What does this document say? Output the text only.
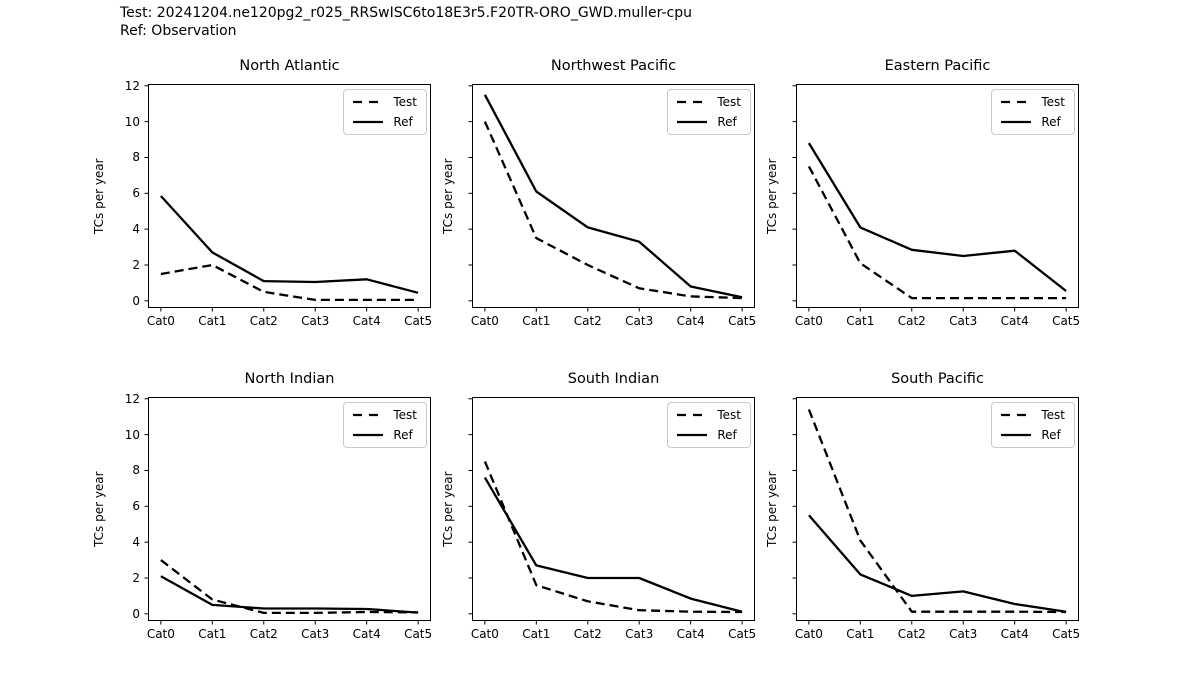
Test: 20241204.ne120pg2_r025_RRSwISC6to18E3r5.F20TR-ORO_GWD.muller-cpu
Ref: Observation
North Atlantic
TCs per year
Test
Ref
0
2
4
6
8
10
12
Cat0	Cat1	Cat2	Cat3	Cat4	Cat5
Northwest Pacific
TCs per year
Test
Ref
Cat0	Cat1	Cat2	Cat3	Cat4	Cat5
Eastern Pacific
TCs per year
Test
Ref
Cat0	Cat1	Cat2	Cat3	Cat4	Cat5
North Indian
TCs per year
Test
Ref
0
2
4
6
8
10
12
Cat0	Cat1	Cat2	Cat3	Cat4	Cat5
South Indian
TCs per year
Test
Ref
Cat0	Cat1	Cat2	Cat3	Cat4	Cat5
South Pacific
TCs per year
Test
Ref
Cat0	Cat1	Cat2	Cat3	Cat4	Cat5
